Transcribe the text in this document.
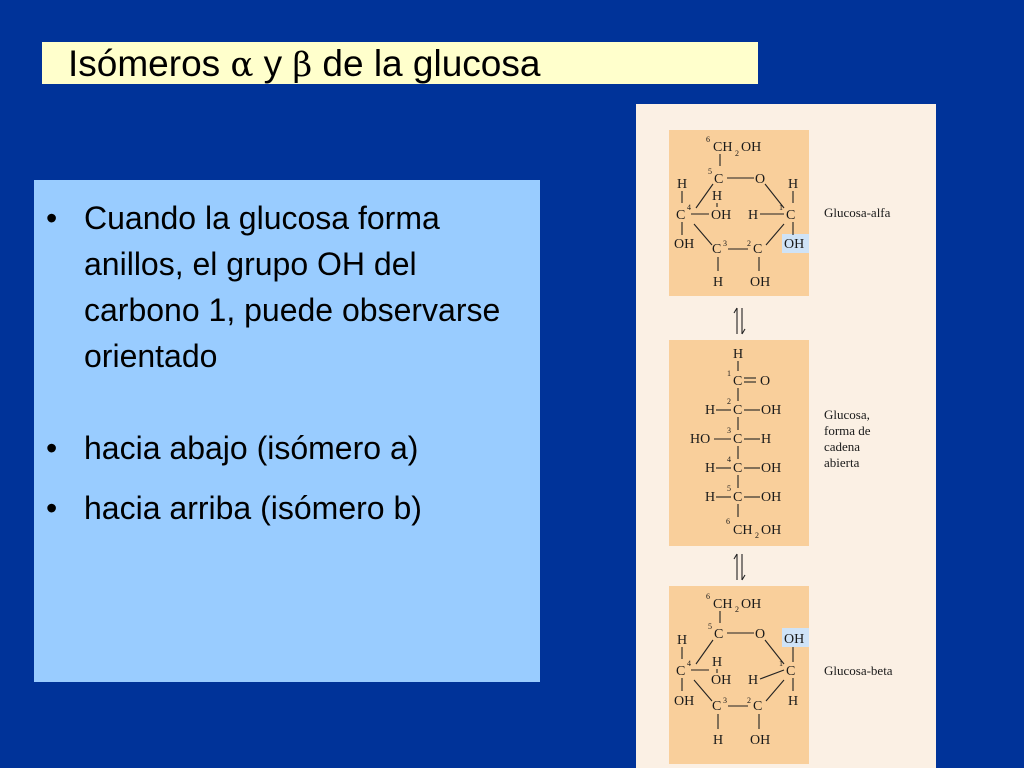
Isómeros α y β de la glucosa
• Cuando la glucosa forma anillos, el grupo OH del carbono 1, puede observarse orientado
• hacia abajo (isómero a)
• hacia arriba (isómero b)
6
CH 2 OH
5
C O
H
C
4
H
OH
H
1
C
H
OH
OH C 3	2 C
H OH
Glucosa-alfa
H
1
C O
2
H C OH
3
HO C H
4
H C OH
5
H C OH
6
CH 2 OH
Glucosa,
forma de
cadena
abierta
6
CH 2 OH
5
C O OH
H
4
C
H
OH H
1
C
H
OH C 3	2 C
H OH
Glucosa-beta
